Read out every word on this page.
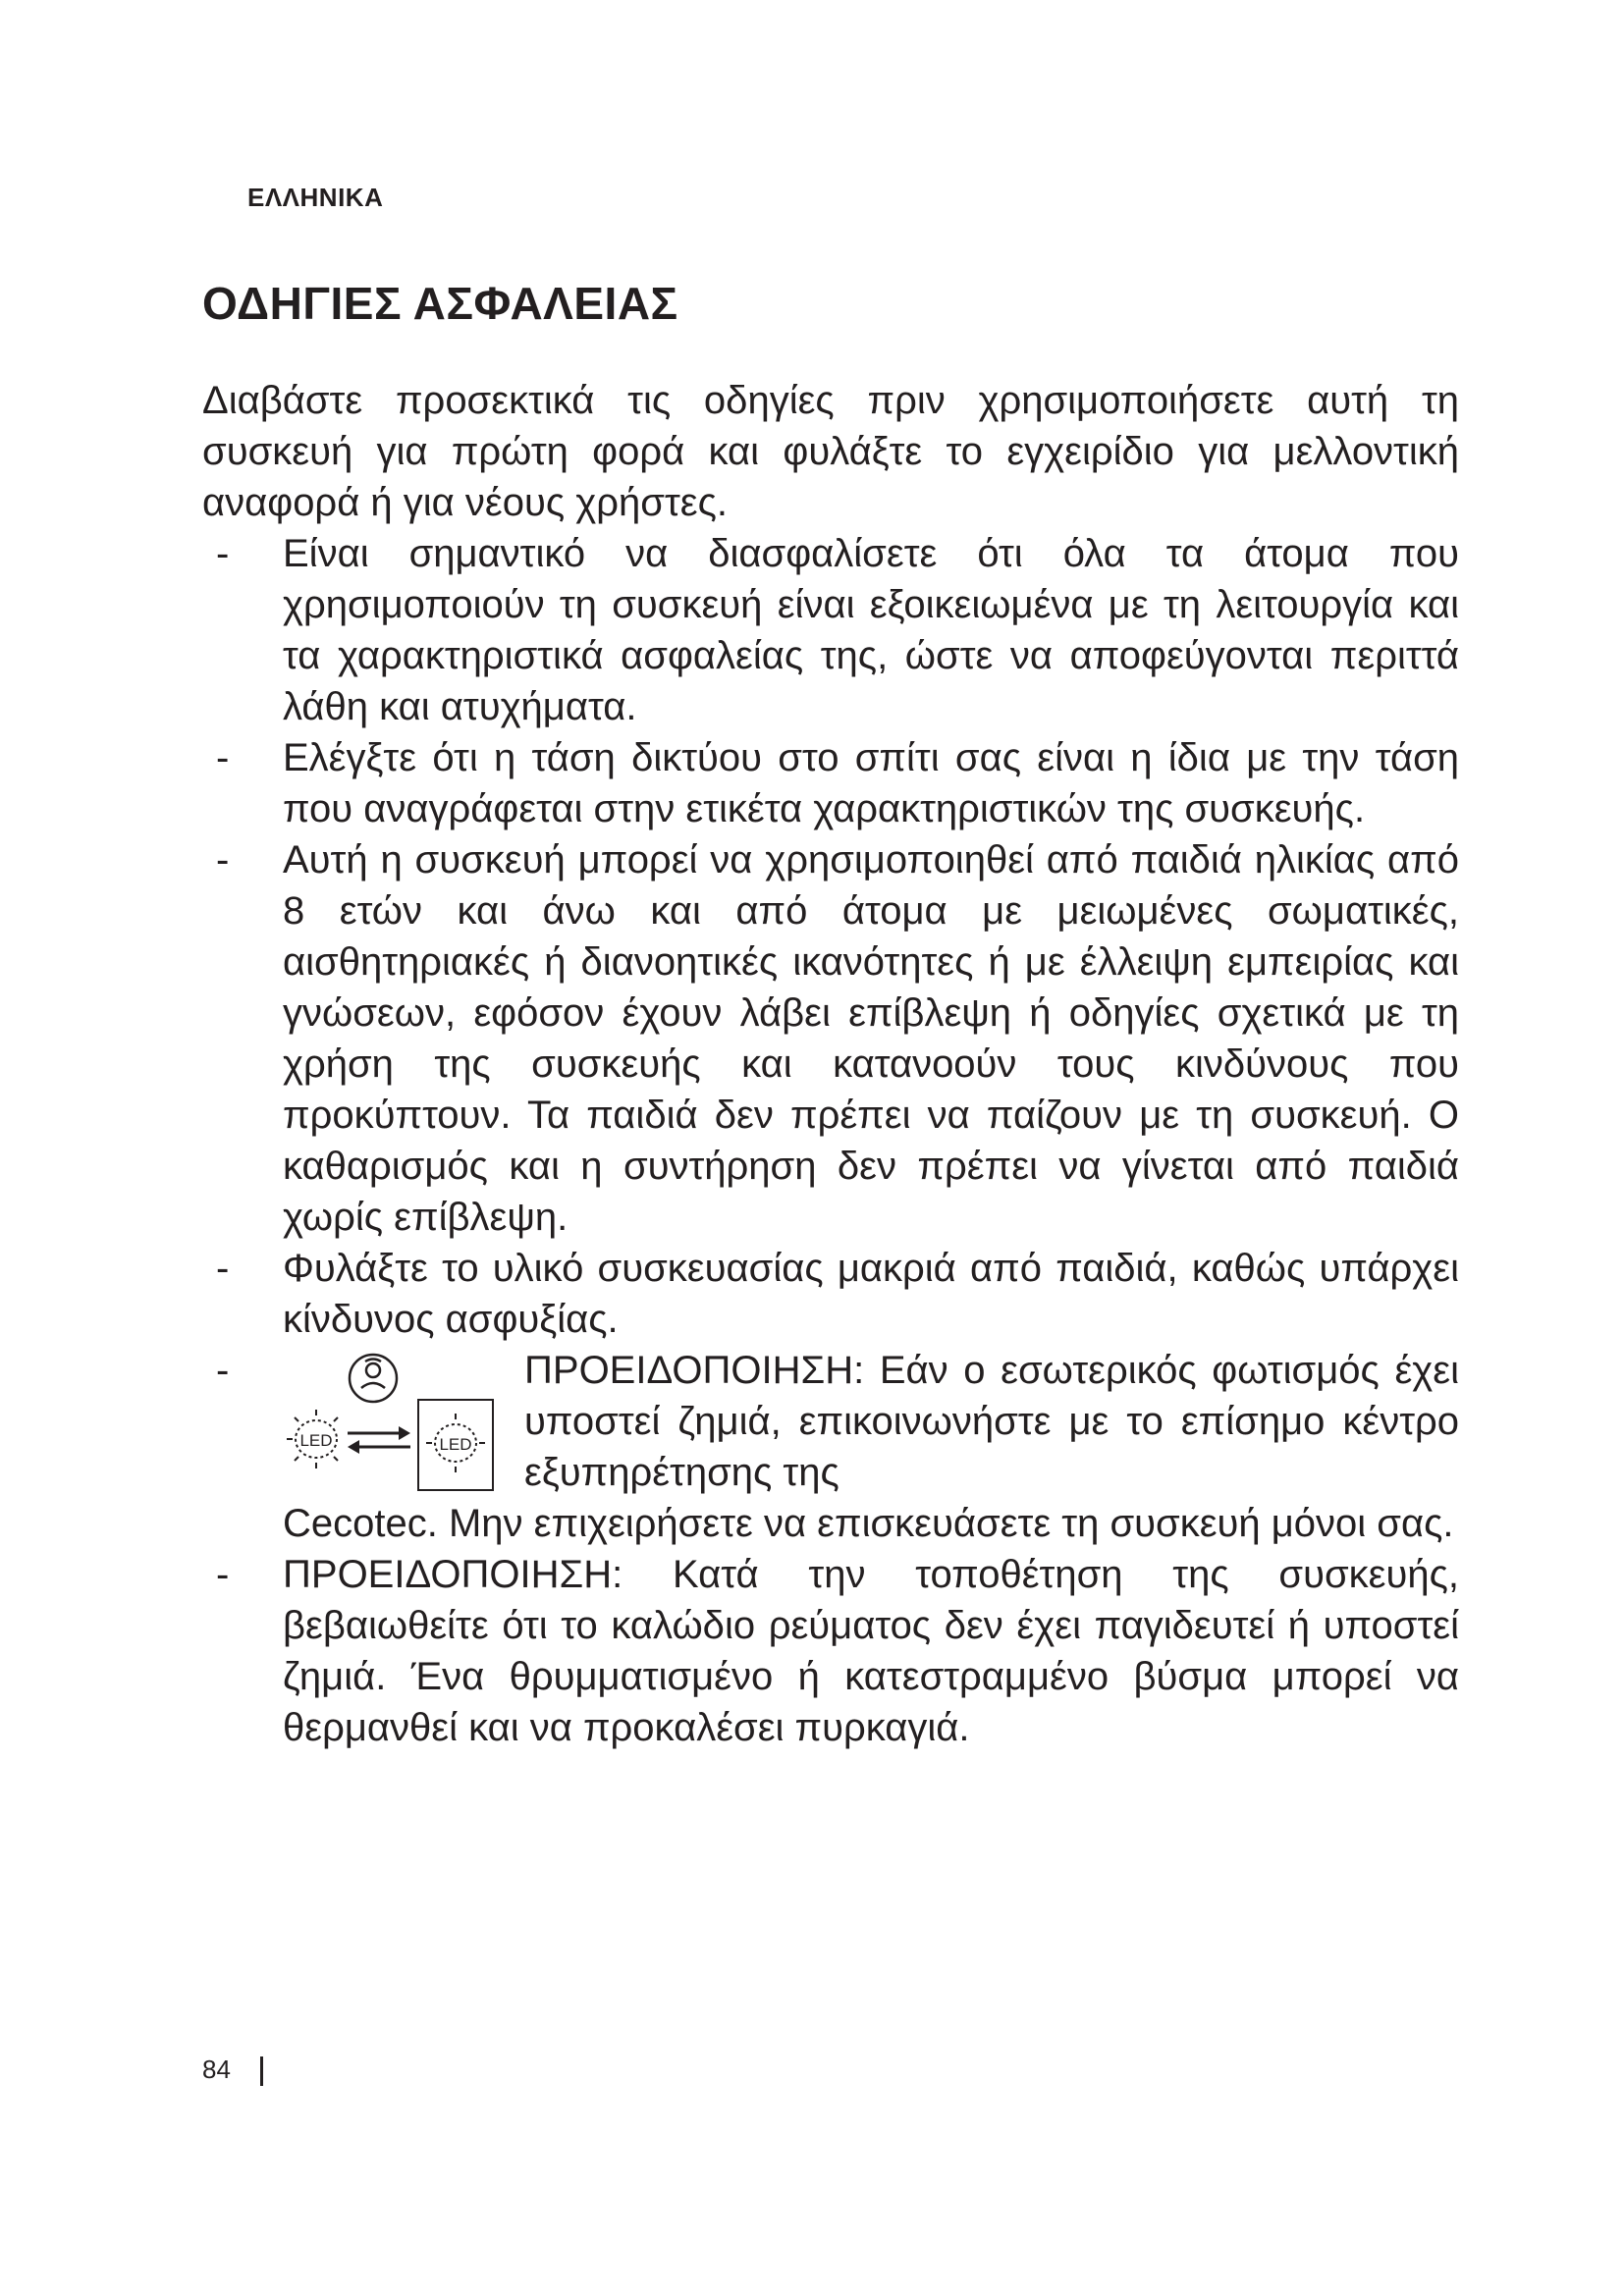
ΕΛΛΗΝΙΚΑ
ΟΔΗΓΙΕΣ ΑΣΦΑΛΕΙΑΣ

Διαβάστε προσεκτικά τις οδηγίες πριν χρησιμοποιήσετε αυτή τη συσκευή για πρώτη φορά και φυλάξτε το εγχειρίδιο για μελλοντική αναφορά ή για νέους χρήστες.

- Είναι σημαντικό να διασφαλίσετε ότι όλα τα άτομα που χρησιμοποιούν τη συσκευή είναι εξοικειωμένα με τη λειτουργία και τα χαρακτηριστικά ασφαλείας της, ώστε να αποφεύγονται περιττά λάθη και ατυχήματα.
- Ελέγξτε ότι η τάση δικτύου στο σπίτι σας είναι η ίδια με την τάση που αναγράφεται στην ετικέτα χαρακτηριστικών της συσκευής.
- Αυτή η συσκευή μπορεί να χρησιμοποιηθεί από παιδιά ηλικίας από 8 ετών και άνω και από άτομα με μειωμένες σωματικές, αισθητηριακές ή διανοητικές ικανότητες ή με έλλειψη εμπειρίας και γνώσεων, εφόσον έχουν λάβει επίβλεψη ή οδηγίες σχετικά με τη χρήση της συσκευής και κατανοούν τους κινδύνους που προκύπτουν. Τα παιδιά δεν πρέπει να παίζουν με τη συσκευή. Ο καθαρισμός και η συντήρηση δεν πρέπει να γίνεται από παιδιά χωρίς επίβλεψη.
- Φυλάξτε το υλικό συσκευασίας μακριά από παιδιά, καθώς υπάρχει κίνδυνος ασφυξίας.
-
LED	LED
ΠΡΟΕΙΔΟΠΟΙΗΣΗ: Εάν ο εσωτερικός φωτισμός έχει υποστεί ζημιά, επικοινωνήστε με το επίσημο κέντρο εξυπηρέτησης της
Cecotec. Μην επιχειρήσετε να επισκευάσετε τη συσκευή μόνοι σας.
- ΠΡΟΕΙΔΟΠΟΙΗΣΗ: Κατά την τοποθέτηση της συσκευής, βεβαιωθείτε ότι το καλώδιο ρεύματος δεν έχει παγιδευτεί ή υποστεί ζημιά. Ένα θρυμματισμένο ή κατεστραμμένο βύσμα μπορεί να θερμανθεί και να προκαλέσει πυρκαγιά.
84
